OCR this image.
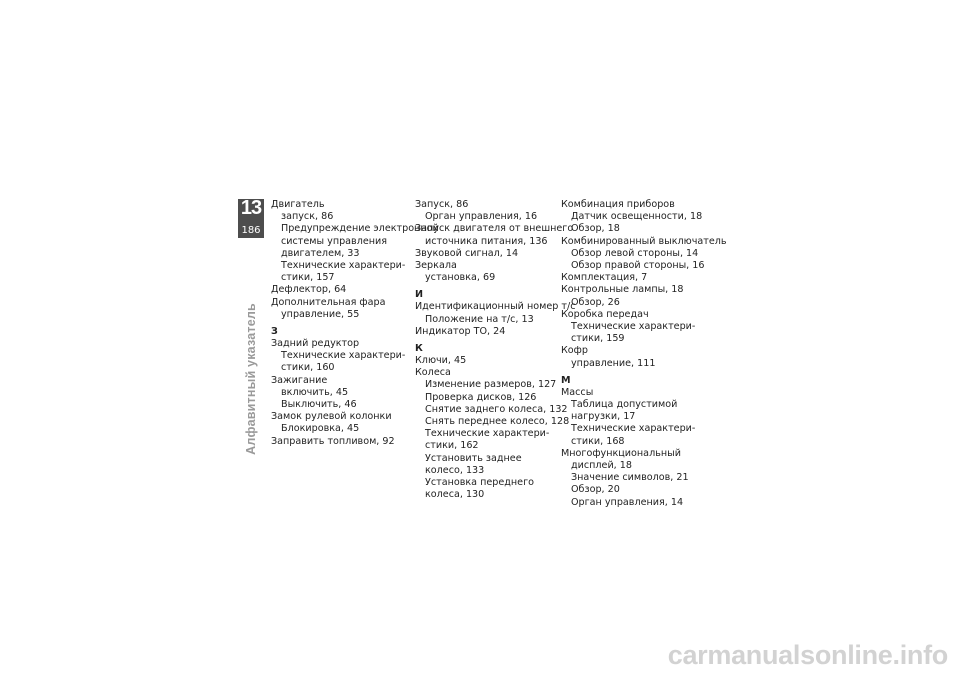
13
186
Алфавитный указатель
Двигатель
запуск, 86
Предупреждение электронной
системы управления
двигателем, 33
Технические характери-
стики, 157
Дефлектор, 64
Дополнительная фара
управление, 55
З
Задний редуктор
Технические характери-
стики, 160
Зажигание
включить, 45
Выключить, 46
Замок рулевой колонки
Блокировка, 45
Заправить топливом, 92
Запуск, 86
Орган управления, 16
Запуск двигателя от внешнего
источника питания, 136
Звуковой сигнал, 14
Зеркала
установка, 69
И
Идентификационный номер т/с
Положение на т/с, 13
Индикатор ТО, 24
К
Ключи, 45
Колеса
Изменение размеров, 127
Проверка дисков, 126
Снятие заднего колеса, 132
Снять переднее колесо, 128
Технические характери-
стики, 162
Установить заднее
колесо, 133
Установка переднего
колеса, 130
Комбинация приборов
Датчик освещенности, 18
Обзор, 18
Комбинированный выключатель
Обзор левой стороны, 14
Обзор правой стороны, 16
Комплектация, 7
Контрольные лампы, 18
Обзор, 26
Коробка передач
Технические характери-
стики, 159
Кофр
управление, 111
М
Массы
Таблица допустимой
нагрузки, 17
Технические характери-
стики, 168
Многофункциональный
дисплей, 18
Значение символов, 21
Обзор, 20
Орган управления, 14
carmanualsonline.info
